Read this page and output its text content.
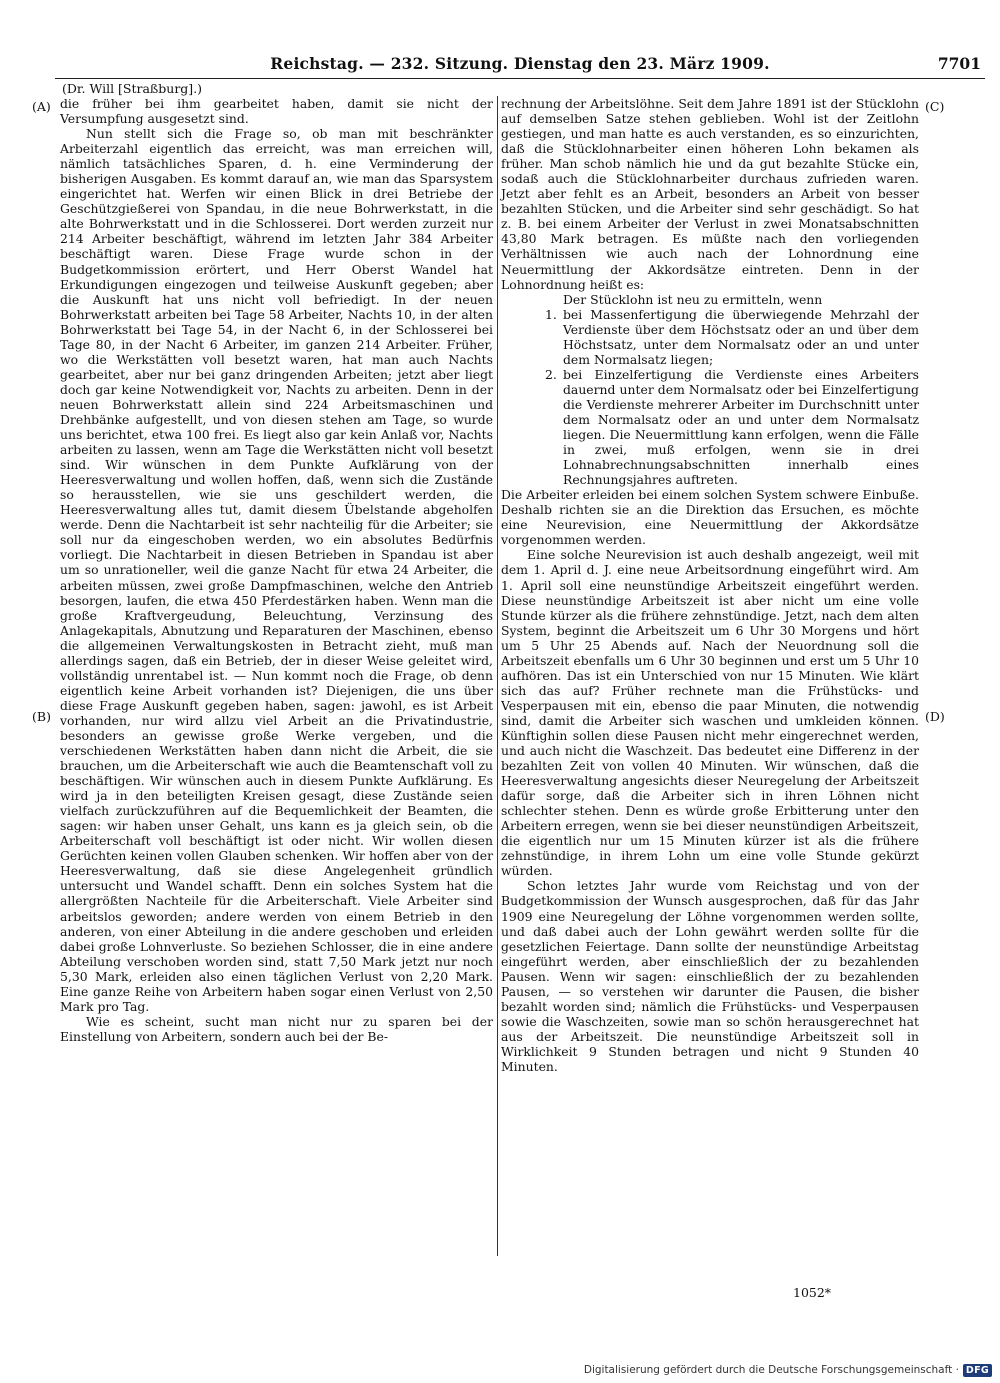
Reichstag. — 232. Sitzung. Dienstag den 23. März 1909.	7701
(Dr. Will [Straßburg].)
(A)
(B)
(C)
(D)

die früher bei ihm gearbeitet haben, damit sie nicht der Versumpfung ausgesetzt sind.

Nun stellt sich die Frage so, ob man mit beschränkter Arbeiterzahl eigentlich das erreicht, was man erreichen will, nämlich tatsächliches Sparen, d. h. eine Verminderung der bisherigen Ausgaben. Es kommt darauf an, wie man das Sparsystem eingerichtet hat. Werfen wir einen Blick in drei Betriebe der Geschützgießerei von Spandau, in die neue Bohrwerkstatt, in die alte Bohrwerkstatt und in die Schlosserei. Dort werden zurzeit nur 214 Arbeiter beschäftigt, während im letzten Jahr 384 Arbeiter beschäftigt waren. Diese Frage wurde schon in der Budgetkommission erörtert, und Herr Oberst Wandel hat Erkundigungen eingezogen und teilweise Auskunft gegeben; aber die Auskunft hat uns nicht voll befriedigt. In der neuen Bohrwerkstatt arbeiten bei Tage 58 Arbeiter, Nachts 10, in der alten Bohrwerkstatt bei Tage 54, in der Nacht 6, in der Schlosserei bei Tage 80, in der Nacht 6 Arbeiter, im ganzen 214 Arbeiter. Früher, wo die Werkstätten voll besetzt waren, hat man auch Nachts gearbeitet, aber nur bei ganz dringenden Arbeiten; jetzt aber liegt doch gar keine Notwendigkeit vor, Nachts zu arbeiten. Denn in der neuen Bohrwerkstatt allein sind 224 Arbeitsmaschinen und Drehbänke aufgestellt, und von diesen stehen am Tage, so wurde uns berichtet, etwa 100 frei. Es liegt also gar kein Anlaß vor, Nachts arbeiten zu lassen, wenn am Tage die Werkstätten nicht voll besetzt sind. Wir wünschen in dem Punkte Aufklärung von der Heeresverwaltung und wollen hoffen, daß, wenn sich die Zustände so herausstellen, wie sie uns geschildert werden, die Heeresverwaltung alles tut, damit diesem Übelstande abgeholfen werde. Denn die Nachtarbeit ist sehr nachteilig für die Arbeiter; sie soll nur da eingeschoben werden, wo ein absolutes Bedürfnis vorliegt. Die Nachtarbeit in diesen Betrieben in Spandau ist aber um so unrationeller, weil die ganze Nacht für etwa 24 Arbeiter, die arbeiten müssen, zwei große Dampfmaschinen, welche den Antrieb besorgen, laufen, die etwa 450 Pferdestärken haben. Wenn man die große Kraftvergeudung, Beleuchtung, Verzinsung des Anlagekapitals, Abnutzung und Reparaturen der Maschinen, ebenso die allgemeinen Verwaltungskosten in Betracht zieht, muß man allerdings sagen, daß ein Betrieb, der in dieser Weise geleitet wird, vollständig unrentabel ist. — Nun kommt noch die Frage, ob denn eigentlich keine Arbeit vorhanden ist? Diejenigen, die uns über diese Frage Auskunft gegeben haben, sagen: jawohl, es ist Arbeit vorhanden, nur wird allzu viel Arbeit an die Privatindustrie, besonders an gewisse große Werke vergeben, und die verschiedenen Werkstätten haben dann nicht die Arbeit, die sie brauchen, um die Arbeiterschaft wie auch die Beamtenschaft voll zu beschäftigen. Wir wünschen auch in diesem Punkte Aufklärung. Es wird ja in den beteiligten Kreisen gesagt, diese Zustände seien vielfach zurückzuführen auf die Bequemlichkeit der Beamten, die sagen: wir haben unser Gehalt, uns kann es ja gleich sein, ob die Arbeiterschaft voll beschäftigt ist oder nicht. Wir wollen diesen Gerüchten keinen vollen Glauben schenken. Wir hoffen aber von der Heeresverwaltung, daß sie diese Angelegenheit gründlich untersucht und Wandel schafft. Denn ein solches System hat die allergrößten Nachteile für die Arbeiterschaft. Viele Arbeiter sind arbeitslos geworden; andere werden von einem Betrieb in den anderen, von einer Abteilung in die andere geschoben und erleiden dabei große Lohnverluste. So beziehen Schlosser, die in eine andere Abteilung verschoben worden sind, statt 7,50 Mark jetzt nur noch 5,30 Mark, erleiden also einen täglichen Verlust von 2,20 Mark. Eine ganze Reihe von Arbeitern haben sogar einen Verlust von 2,50 Mark pro Tag.

Wie es scheint, sucht man nicht nur zu sparen bei der Einstellung von Arbeitern, sondern auch bei der Be-

rechnung der Arbeitslöhne. Seit dem Jahre 1891 ist der Stücklohn auf demselben Satze stehen geblieben. Wohl ist der Zeitlohn gestiegen, und man hatte es auch verstanden, es so einzurichten, daß die Stücklohnarbeiter einen höheren Lohn bekamen als früher. Man schob nämlich hie und da gut bezahlte Stücke ein, sodaß auch die Stücklohnarbeiter durchaus zufrieden waren. Jetzt aber fehlt es an Arbeit, besonders an Arbeit von besser bezahlten Stücken, und die Arbeiter sind sehr geschädigt. So hat z. B. bei einem Arbeiter der Verlust in zwei Monatsabschnitten 43,80 Mark betragen. Es müßte nach den vorliegenden Verhältnissen wie auch nach der Lohnordnung eine Neuermittlung der Akkordsätze eintreten. Denn in der Lohnordnung heißt es:

Der Stücklohn ist neu zu ermitteln, wenn

1. bei Massenfertigung die überwiegende Mehrzahl der Verdienste über dem Höchstsatz oder an und über dem Höchstsatz, unter dem Normalsatz oder an und unter dem Normalsatz liegen;
2. bei Einzelfertigung die Verdienste eines Arbeiters dauernd unter dem Normalsatz oder bei Einzelfertigung die Verdienste mehrerer Arbeiter im Durchschnitt unter dem Normalsatz oder an und unter dem Normalsatz liegen. Die Neuermittlung kann erfolgen, wenn die Fälle in zwei, muß erfolgen, wenn sie in drei Lohnabrechnungsabschnitten innerhalb eines Rechnungsjahres auftreten.

Die Arbeiter erleiden bei einem solchen System schwere Einbuße. Deshalb richten sie an die Direktion das Ersuchen, es möchte eine Neurevision, eine Neuermittlung der Akkordsätze vorgenommen werden.

Eine solche Neurevision ist auch deshalb angezeigt, weil mit dem 1. April d. J. eine neue Arbeitsordnung eingeführt wird. Am 1. April soll eine neunstündige Arbeitszeit eingeführt werden. Diese neunstündige Arbeitszeit ist aber nicht um eine volle Stunde kürzer als die frühere zehnstündige. Jetzt, nach dem alten System, beginnt die Arbeitszeit um 6 Uhr 30 Morgens und hört um 5 Uhr 25 Abends auf. Nach der Neuordnung soll die Arbeitszeit ebenfalls um 6 Uhr 30 beginnen und erst um 5 Uhr 10 aufhören. Das ist ein Unterschied von nur 15 Minuten. Wie klärt sich das auf? Früher rechnete man die Frühstücks- und Vesperpausen mit ein, ebenso die paar Minuten, die notwendig sind, damit die Arbeiter sich waschen und umkleiden können. Künftighin sollen diese Pausen nicht mehr eingerechnet werden, und auch nicht die Waschzeit. Das bedeutet eine Differenz in der bezahlten Zeit von vollen 40 Minuten. Wir wünschen, daß die Heeresverwaltung angesichts dieser Neuregelung der Arbeitszeit dafür sorge, daß die Arbeiter sich in ihren Löhnen nicht schlechter stehen. Denn es würde große Erbitterung unter den Arbeitern erregen, wenn sie bei dieser neunstündigen Arbeitszeit, die eigentlich nur um 15 Minuten kürzer ist als die frühere zehnstündige, in ihrem Lohn um eine volle Stunde gekürzt würden.

Schon letztes Jahr wurde vom Reichstag und von der Budgetkommission der Wunsch ausgesprochen, daß für das Jahr 1909 eine Neuregelung der Löhne vorgenommen werden sollte, und daß dabei auch der Lohn gewährt werden sollte für die gesetzlichen Feiertage. Dann sollte der neunstündige Arbeitstag eingeführt werden, aber einschließlich der zu bezahlenden Pausen. Wenn wir sagen: einschließlich der zu bezahlenden Pausen, — so verstehen wir darunter die Pausen, die bisher bezahlt worden sind; nämlich die Frühstücks- und Vesperpausen sowie die Waschzeiten, sowie man so schön herausgerechnet hat aus der Arbeitszeit. Die neunstündige Arbeitszeit soll in Wirklichkeit 9 Stunden betragen und nicht 9 Stunden 40 Minuten.

1052*
Digitalisierung gefördert durch die Deutsche Forschungsgemeinschaft · DFG
